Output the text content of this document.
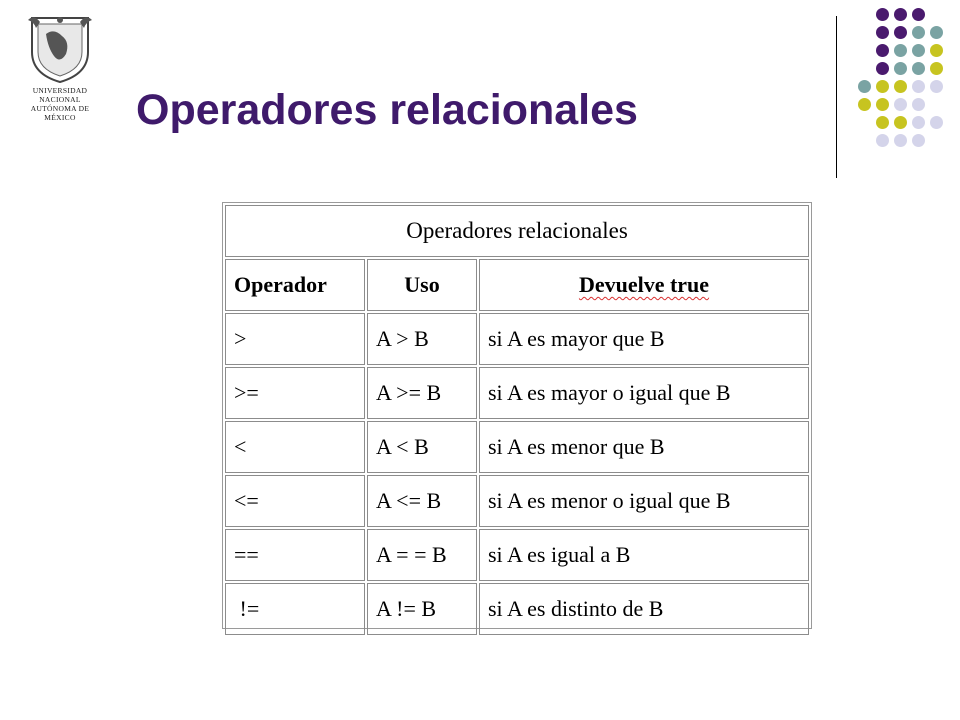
UNIVERSIDAD NACIONAL
AUTÓNOMA DE
MÉXICO	Operadores relacionales
Operadores relacionales		
Operador	Uso	Devuelve true
>	A > B	si A es mayor que B
>=	A >= B	si A es mayor o igual que B
<	A < B	si A es menor que B
<=	A <= B	si A es menor o igual que B
==	A = = B	si A es igual a B
!=	A != B	si A es distinto de B
